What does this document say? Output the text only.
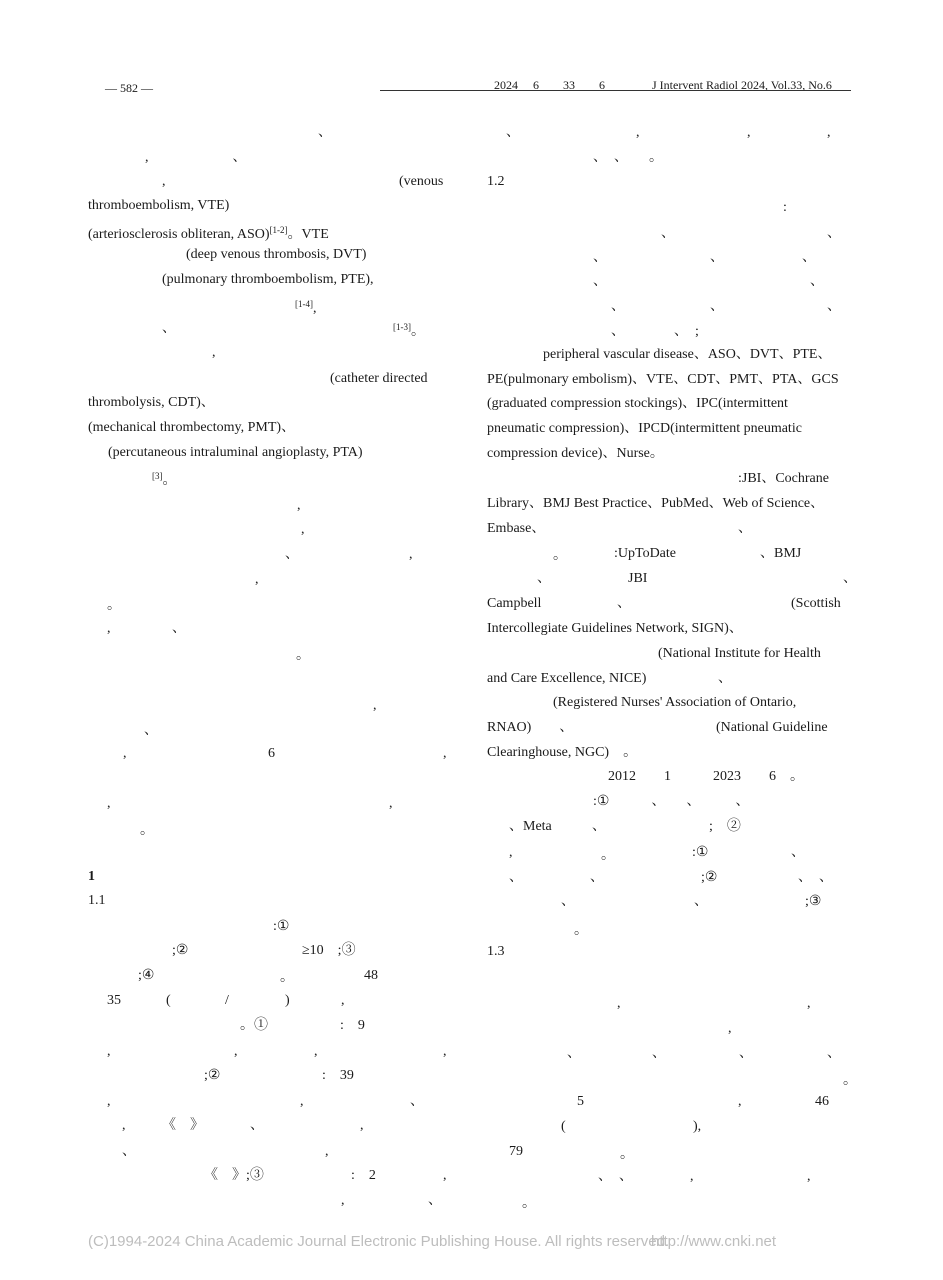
— 582 —	2024　 6　　33　　6	J Intervent Radiol 2024, Vol.33, No.6
、
,　　　　　　、
,	(venous
thromboembolism, VTE)
(arteriosclerosis obliteran, ASO)[1-2]。VTE
(deep venous thrombosis, DVT)
(pulmonary thromboembolism, PTE),
[1-4],
、	[1-3]。
,
(catheter directed
thrombolysis, CDT)、
(mechanical thrombectomy, PMT)、
(percutaneous intraluminal angioplasty, PTA)
[3]。
,
,
、	,
,
。
,	、
。
,
、
,	6	,
,	,
。
1
1.1
:①
;②	≥10　;③
;④	。	48
35	(	/	)	,
。①	:　9
,	,	,	,
;②	:　39
,	,	、
,	《　》	、	,
、	,
《　》;③	:　2	,
,	、
、	,	,	,
、　、　　。
1.2
:
、	、
、	、	、
、	、
、	、	、
、　　　　、　;
peripheral vascular disease、ASO、DVT、PTE、
PE(pulmonary embolism)、VTE、CDT、PMT、PTA、GCS
(graduated compression stockings)、IPC(intermittent
pneumatic compression)、IPCD(intermittent pneumatic
compression device)、Nurse。
:JBI、Cochrane
Library、BMJ Best Practice、PubMed、Web of Science、
Embase、	、
。	:UpToDate	、BMJ
、	JBI	、
Campbell	、	(Scottish
Intercollegiate Guidelines Network, SIGN)、
(National Institute for Health
and Care Excellence, NICE)	、
(Registered Nurses' Association of Ontario,
RNAO)　　、	(National Guideline
Clearinghouse, NGC)　。
2012　　1　　　2023　　6　。
:①　　　、　　、　　　、
、Meta	、	;　②
,	。	:①	、
、	、	;②	、　、
、	、	;③
。
1.3
,	,
,
、	、	、	、
。
5	,	46
(	),
79	。
、　、	,	,
。
(C)1994-2024 China Academic Journal Electronic Publishing House. All rights reserved.
http://www.cnki.net
